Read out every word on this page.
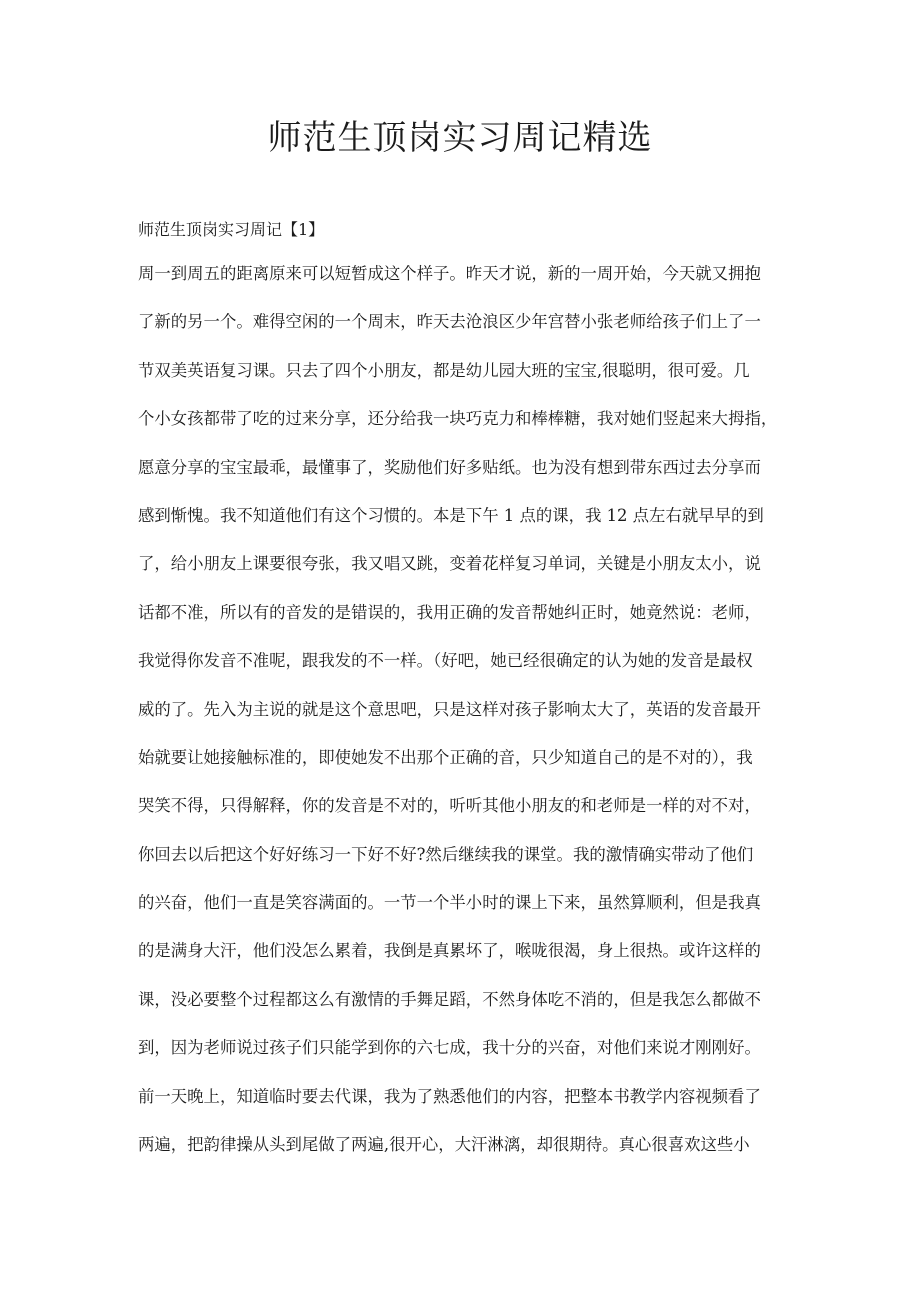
师范生顶岗实习周记精选

师范生顶岗实习周记【1】

周一到周五的距离原来可以短暂成这个样子。昨天才说，新的一周开始，今天就又拥抱
了新的另一个。难得空闲的一个周末，昨天去沧浪区少年宫替小张老师给孩子们上了一
节双美英语复习课。只去了四个小朋友，都是幼儿园大班的宝宝,很聪明，很可爱。几
个小女孩都带了吃的过来分享，还分给我一块巧克力和棒棒糖，我对她们竖起来大拇指，
愿意分享的宝宝最乖，最懂事了，奖励他们好多贴纸。也为没有想到带东西过去分享而
感到惭愧。我不知道他们有这个习惯的。本是下午 1 点的课，我 12 点左右就早早的到
了，给小朋友上课要很夸张，我又唱又跳，变着花样复习单词，关键是小朋友太小，说
话都不准，所以有的音发的是错误的，我用正确的发音帮她纠正时，她竟然说：老师，
我觉得你发音不准呢，跟我发的不一样。（好吧，她已经很确定的认为她的发音是最权
威的了。先入为主说的就是这个意思吧，只是这样对孩子影响太大了，英语的发音最开
始就要让她接触标准的，即使她发不出那个正确的音，只少知道自己的是不对的），我
哭笑不得，只得解释，你的发音是不对的，听听其他小朋友的和老师是一样的对不对，
你回去以后把这个好好练习一下好不好?然后继续我的课堂。我的激情确实带动了他们
的兴奋，他们一直是笑容满面的。一节一个半小时的课上下来，虽然算顺利，但是我真
的是满身大汗，他们没怎么累着，我倒是真累坏了，喉咙很渴，身上很热。或许这样的
课，没必要整个过程都这么有激情的手舞足蹈，不然身体吃不消的，但是我怎么都做不
到，因为老师说过孩子们只能学到你的六七成，我十分的兴奋，对他们来说才刚刚好。
前一天晚上，知道临时要去代课，我为了熟悉他们的内容，把整本书教学内容视频看了
两遍，把韵律操从头到尾做了两遍,很开心，大汗淋漓，却很期待。真心很喜欢这些小
